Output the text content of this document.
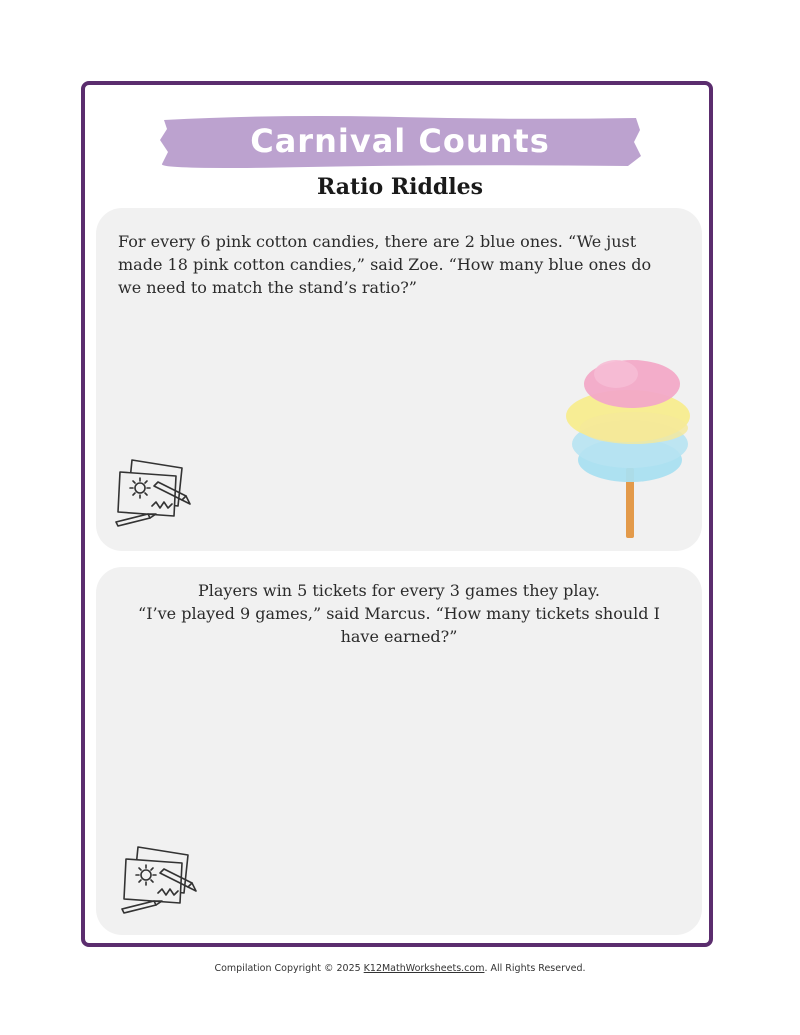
Carnival Counts
Ratio Riddles
For every 6 pink cotton candies, there are 2 blue ones. “We just made 18 pink cotton candies,” said Zoe. “How many blue ones do we need to match the stand’s ratio?”
Players win 5 tickets for every 3 games they play.
“I’ve played 9 games,” said Marcus. “How many tickets should I have earned?”
Compilation Copyright © 2025 K12MathWorksheets.com. All Rights Reserved.
